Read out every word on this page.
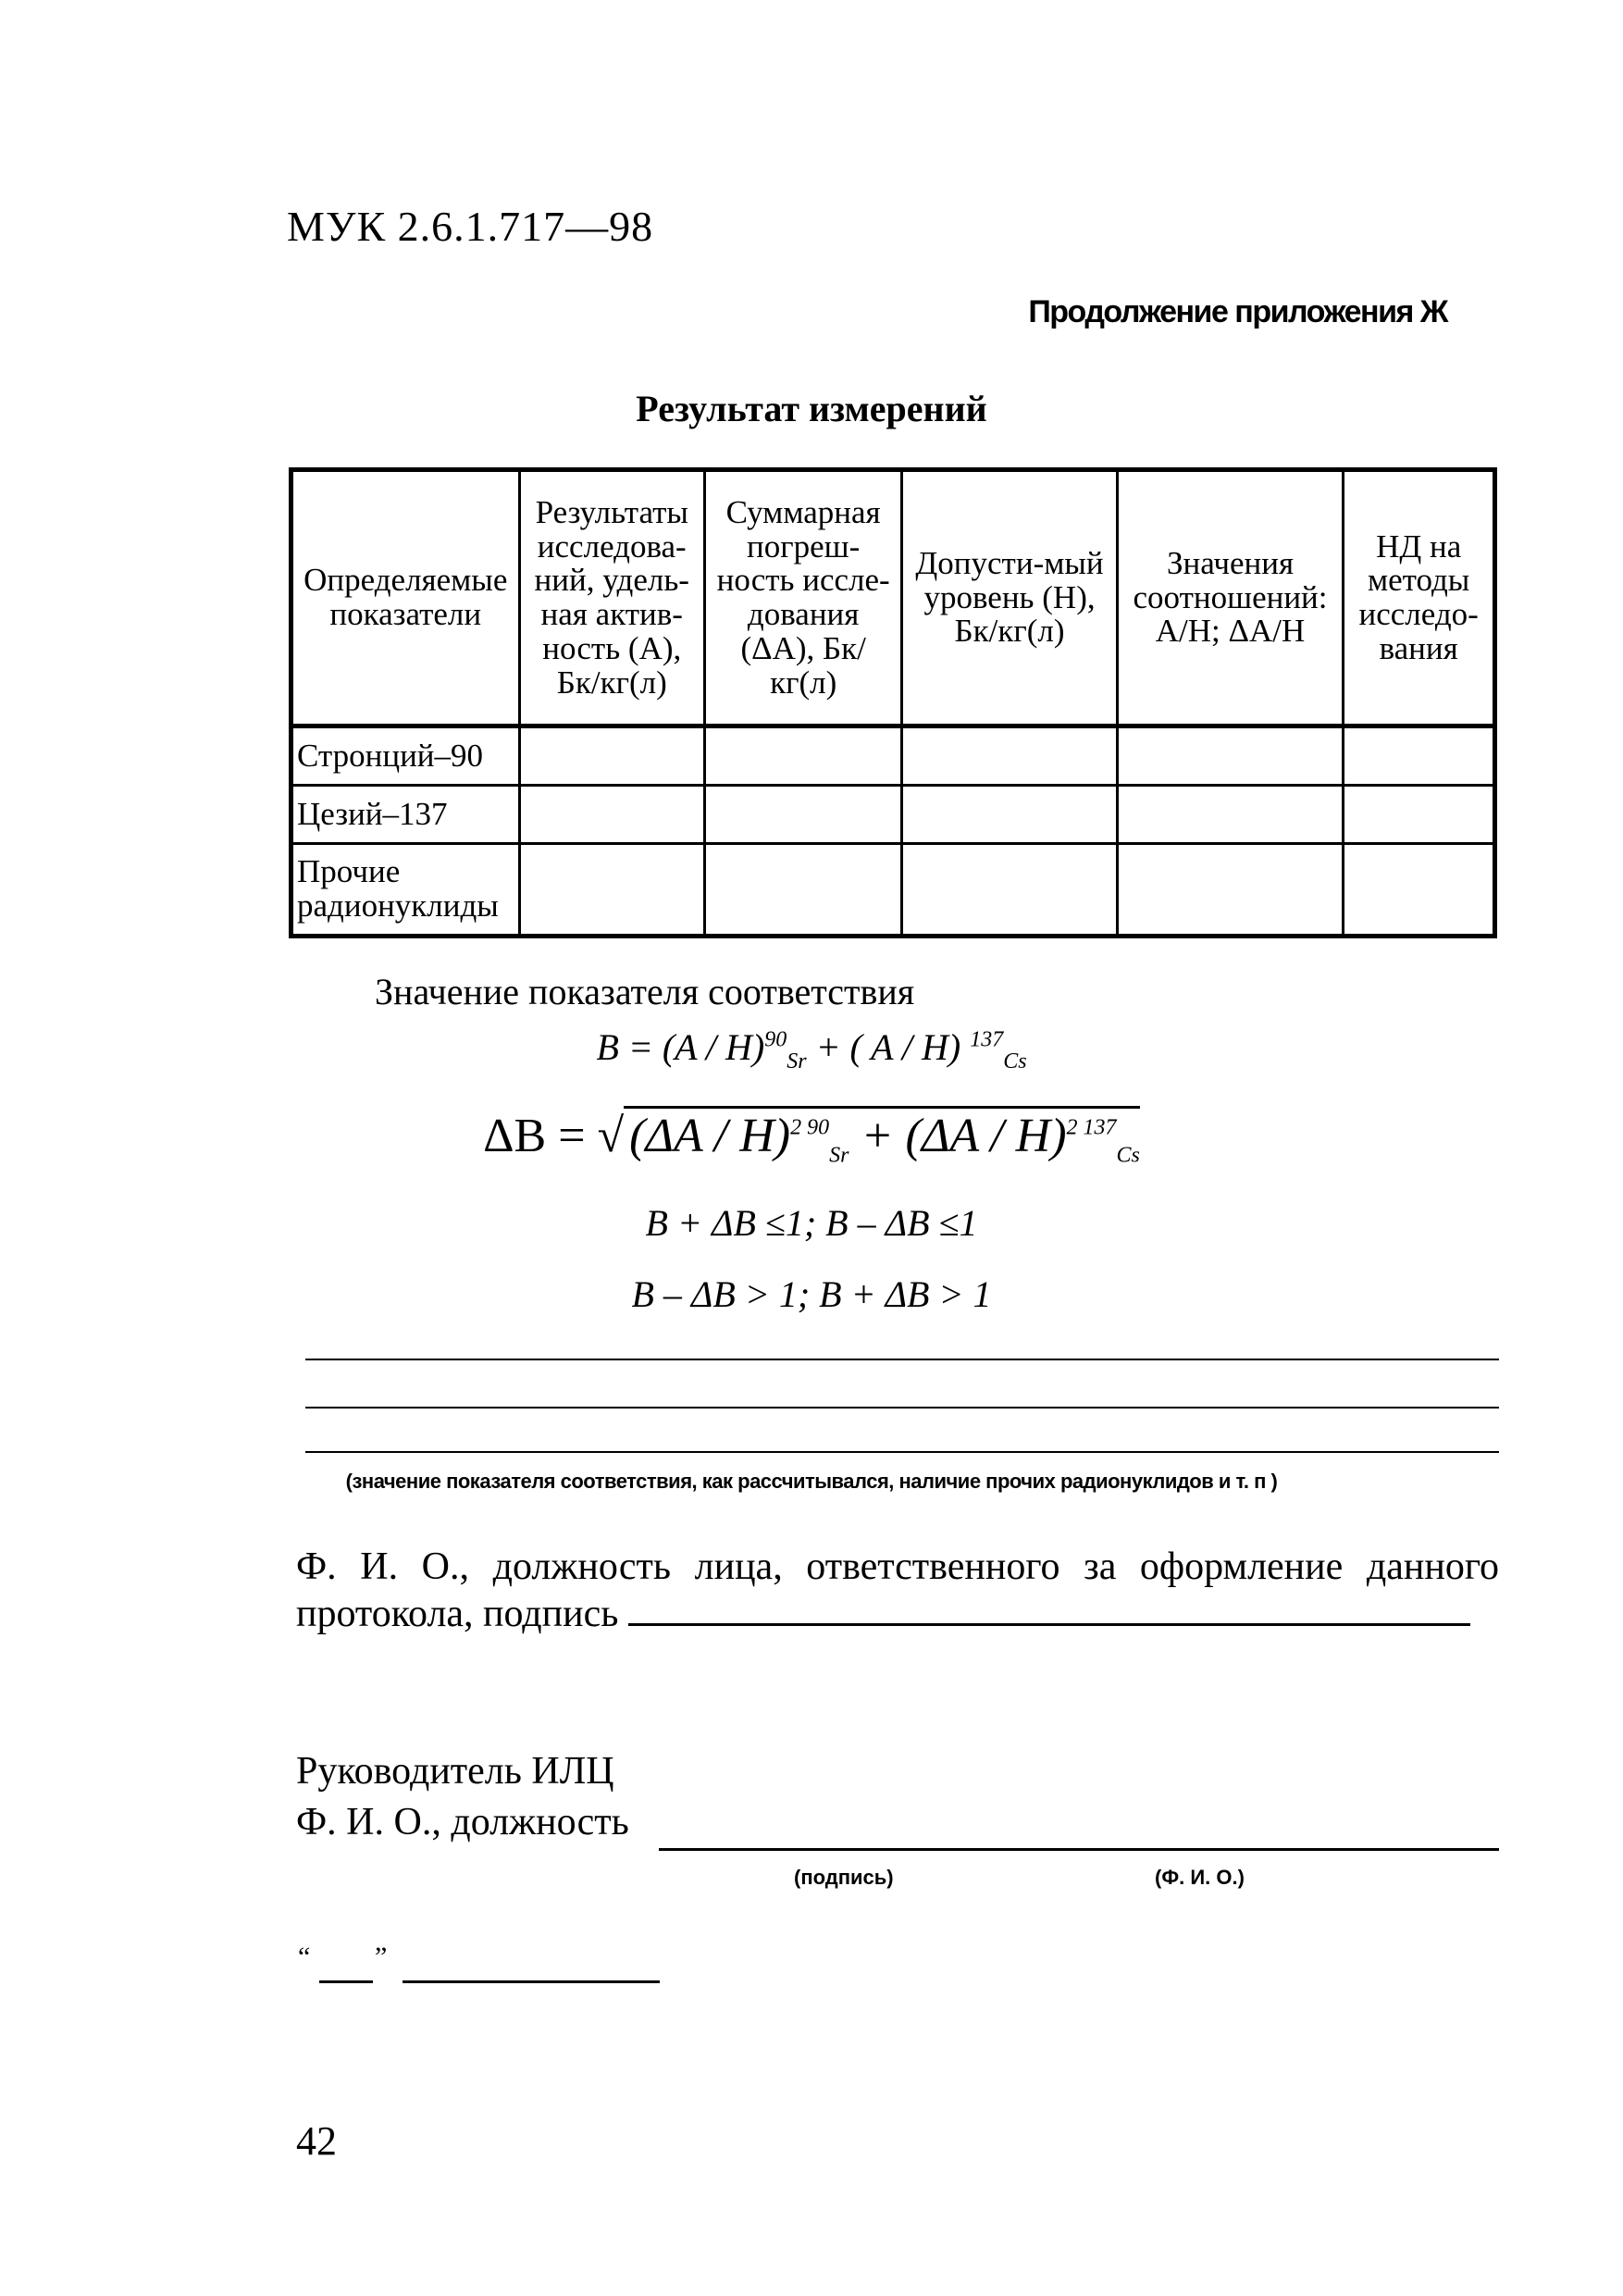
МУК 2.6.1.717—98
Продолжение приложения Ж
Результат измерений
Определяемые показатели	Результаты исследова-ний, удель-ная актив-ность (А), Бк/кг(л)	Суммарная погреш-ность иссле-дования (ΔA), Бк/кг(л)	Допусти-мый уровень (Н), Бк/кг(л)	Значения соотношений: А/Н; ΔA/Н	НД на методы исследо-вания
Стронций–90					
Цезий–137					
Прочие радионуклиды					
Значение показателя соответствия
B = (A / H)$^{90}_{Sr}$ + ( A / H) $^{137}_{Cs}$
ΔB = √ (ΔA / H)$^{2 90}_{Sr}$ + (ΔA / H)$^{2 137}_{Cs}$
B + ΔB ≤1; B – ΔB ≤1
B – ΔB > 1; B + ΔB > 1
(значение показателя соответствия, как рассчитывался, наличие прочих радионуклидов и т. п )
Ф. И. О., должность лица, ответственного за оформление данного протокола, подпись
Руководитель ИЛЦ
Ф. И. О., должность
(подпись)	(Ф. И. О.)
“ ”
42
